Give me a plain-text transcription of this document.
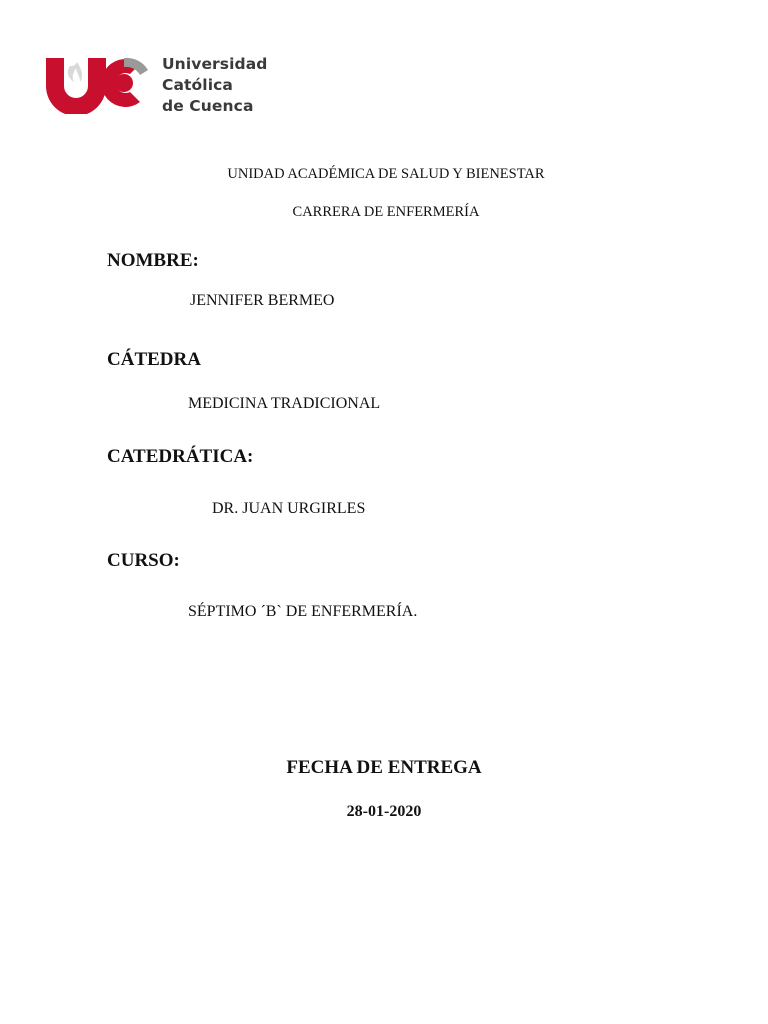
Universidad
Católica
de Cuenca
UNIDAD ACADÉMICA DE SALUD Y BIENESTAR
CARRERA DE ENFERMERÍA
NOMBRE:
JENNIFER BERMEO
CÁTEDRA
MEDICINA TRADICIONAL
CATEDRÁTICA:
DR. JUAN URGIRLES
CURSO:
SÉPTIMO ´B` DE ENFERMERÍA.
FECHA DE ENTREGA
28-01-2020
